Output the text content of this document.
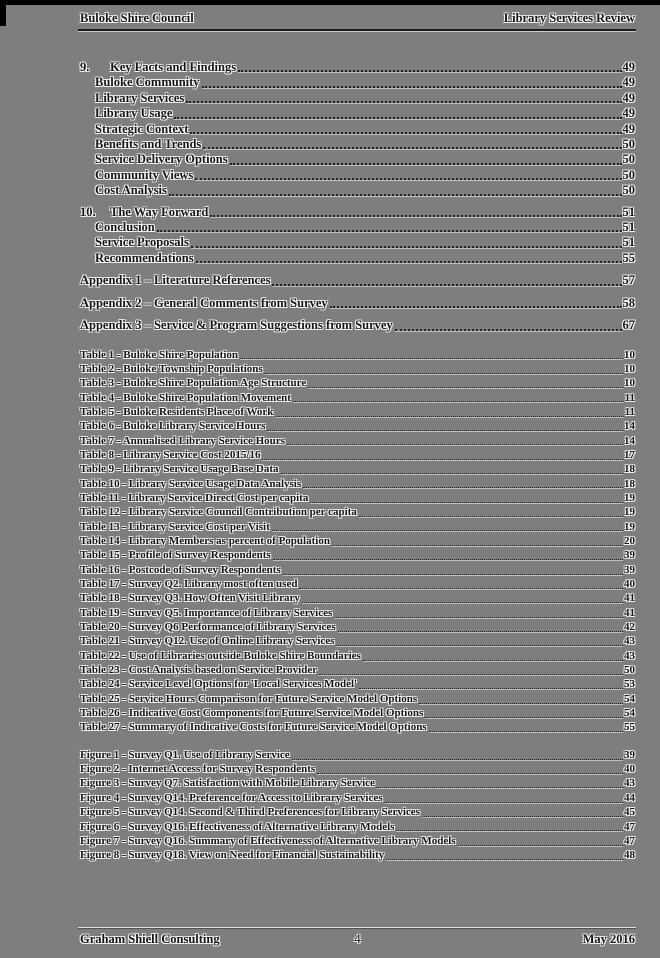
Buloke Shire Council	Library Services Review
9.	Key Facts and Findings	49
Buloke Community	49
Library Services	49
Library Usage	49
Strategic Context	49
Benefits and Trends	50
Service Delivery Options	50
Community Views	50
Cost Analysis	50
10.	The Way Forward	51
Conclusion	51
Service Proposals	51
Recommendations	55
Appendix 1 – Literature References	57
Appendix 2 – General Comments from Survey	58
Appendix 3 – Service & Program Suggestions from Survey	67
Table 1 - Buloke Shire Population	10
Table 2 - Buloke Township Populations	10
Table 3 - Buloke Shire Population Age Structure	10
Table 4 - Buloke Shire Population Movement	11
Table 5 - Buloke Residents Place of Work	11
Table 6 - Buloke Library Service Hours	14
Table 7 - Annualised Library Service Hours	14
Table 8 - Library Service Cost 2015/16	17
Table 9 - Library Service Usage Base Data	18
Table 10 - Library Service Usage Data Analysis	18
Table 11 - Library Service Direct Cost per capita	19
Table 12 - Library Service Council Contribution per capita	19
Table 13 - Library Service Cost per Visit	19
Table 14 - Library Members as percent of Population	20
Table 15 - Profile of Survey Respondents	39
Table 16 - Postcode of Survey Respondents	39
Table 17 - Survey Q2. Library most often used	40
Table 18 - Survey Q3. How Often Visit Library	41
Table 19 - Survey Q5. Importance of Library Services	41
Table 20 - Survey Q6 Performance of Library Services	42
Table 21 - Survey Q12. Use of Online Library Services	43
Table 22 - Use of Libraries outside Buloke Shire Boundaries	43
Table 23 - Cost Analysis based on Service Provider	50
Table 24 - Service Level Options for 'Local Services Model'	53
Table 25 - Service Hours Comparison for Future Service Model Options	54
Table 26 - Indicative Cost Components for Future Service Model Options	54
Table 27 - Summary of Indicative Costs for Future Service Model Options	55
Figure 1 - Survey Q1. Use of Library Service	39
Figure 2 - Internet Access for Survey Respondents	40
Figure 3 - Survey Q7. Satisfaction with Mobile Library Service	43
Figure 4 - Survey Q14. Preference for Access to Library Services	44
Figure 5 - Survey Q14. Second & Third Preferences for Library Services	45
Figure 6 - Survey Q16. Effectiveness of Alternative Library Models	47
Figure 7 - Survey Q16. Summary of Effectiveness of Alternative Library Models	47
Figure 8 - Survey Q18. View on Need for Financial Sustainability	48
Graham Shiell Consulting	4	May 2016
